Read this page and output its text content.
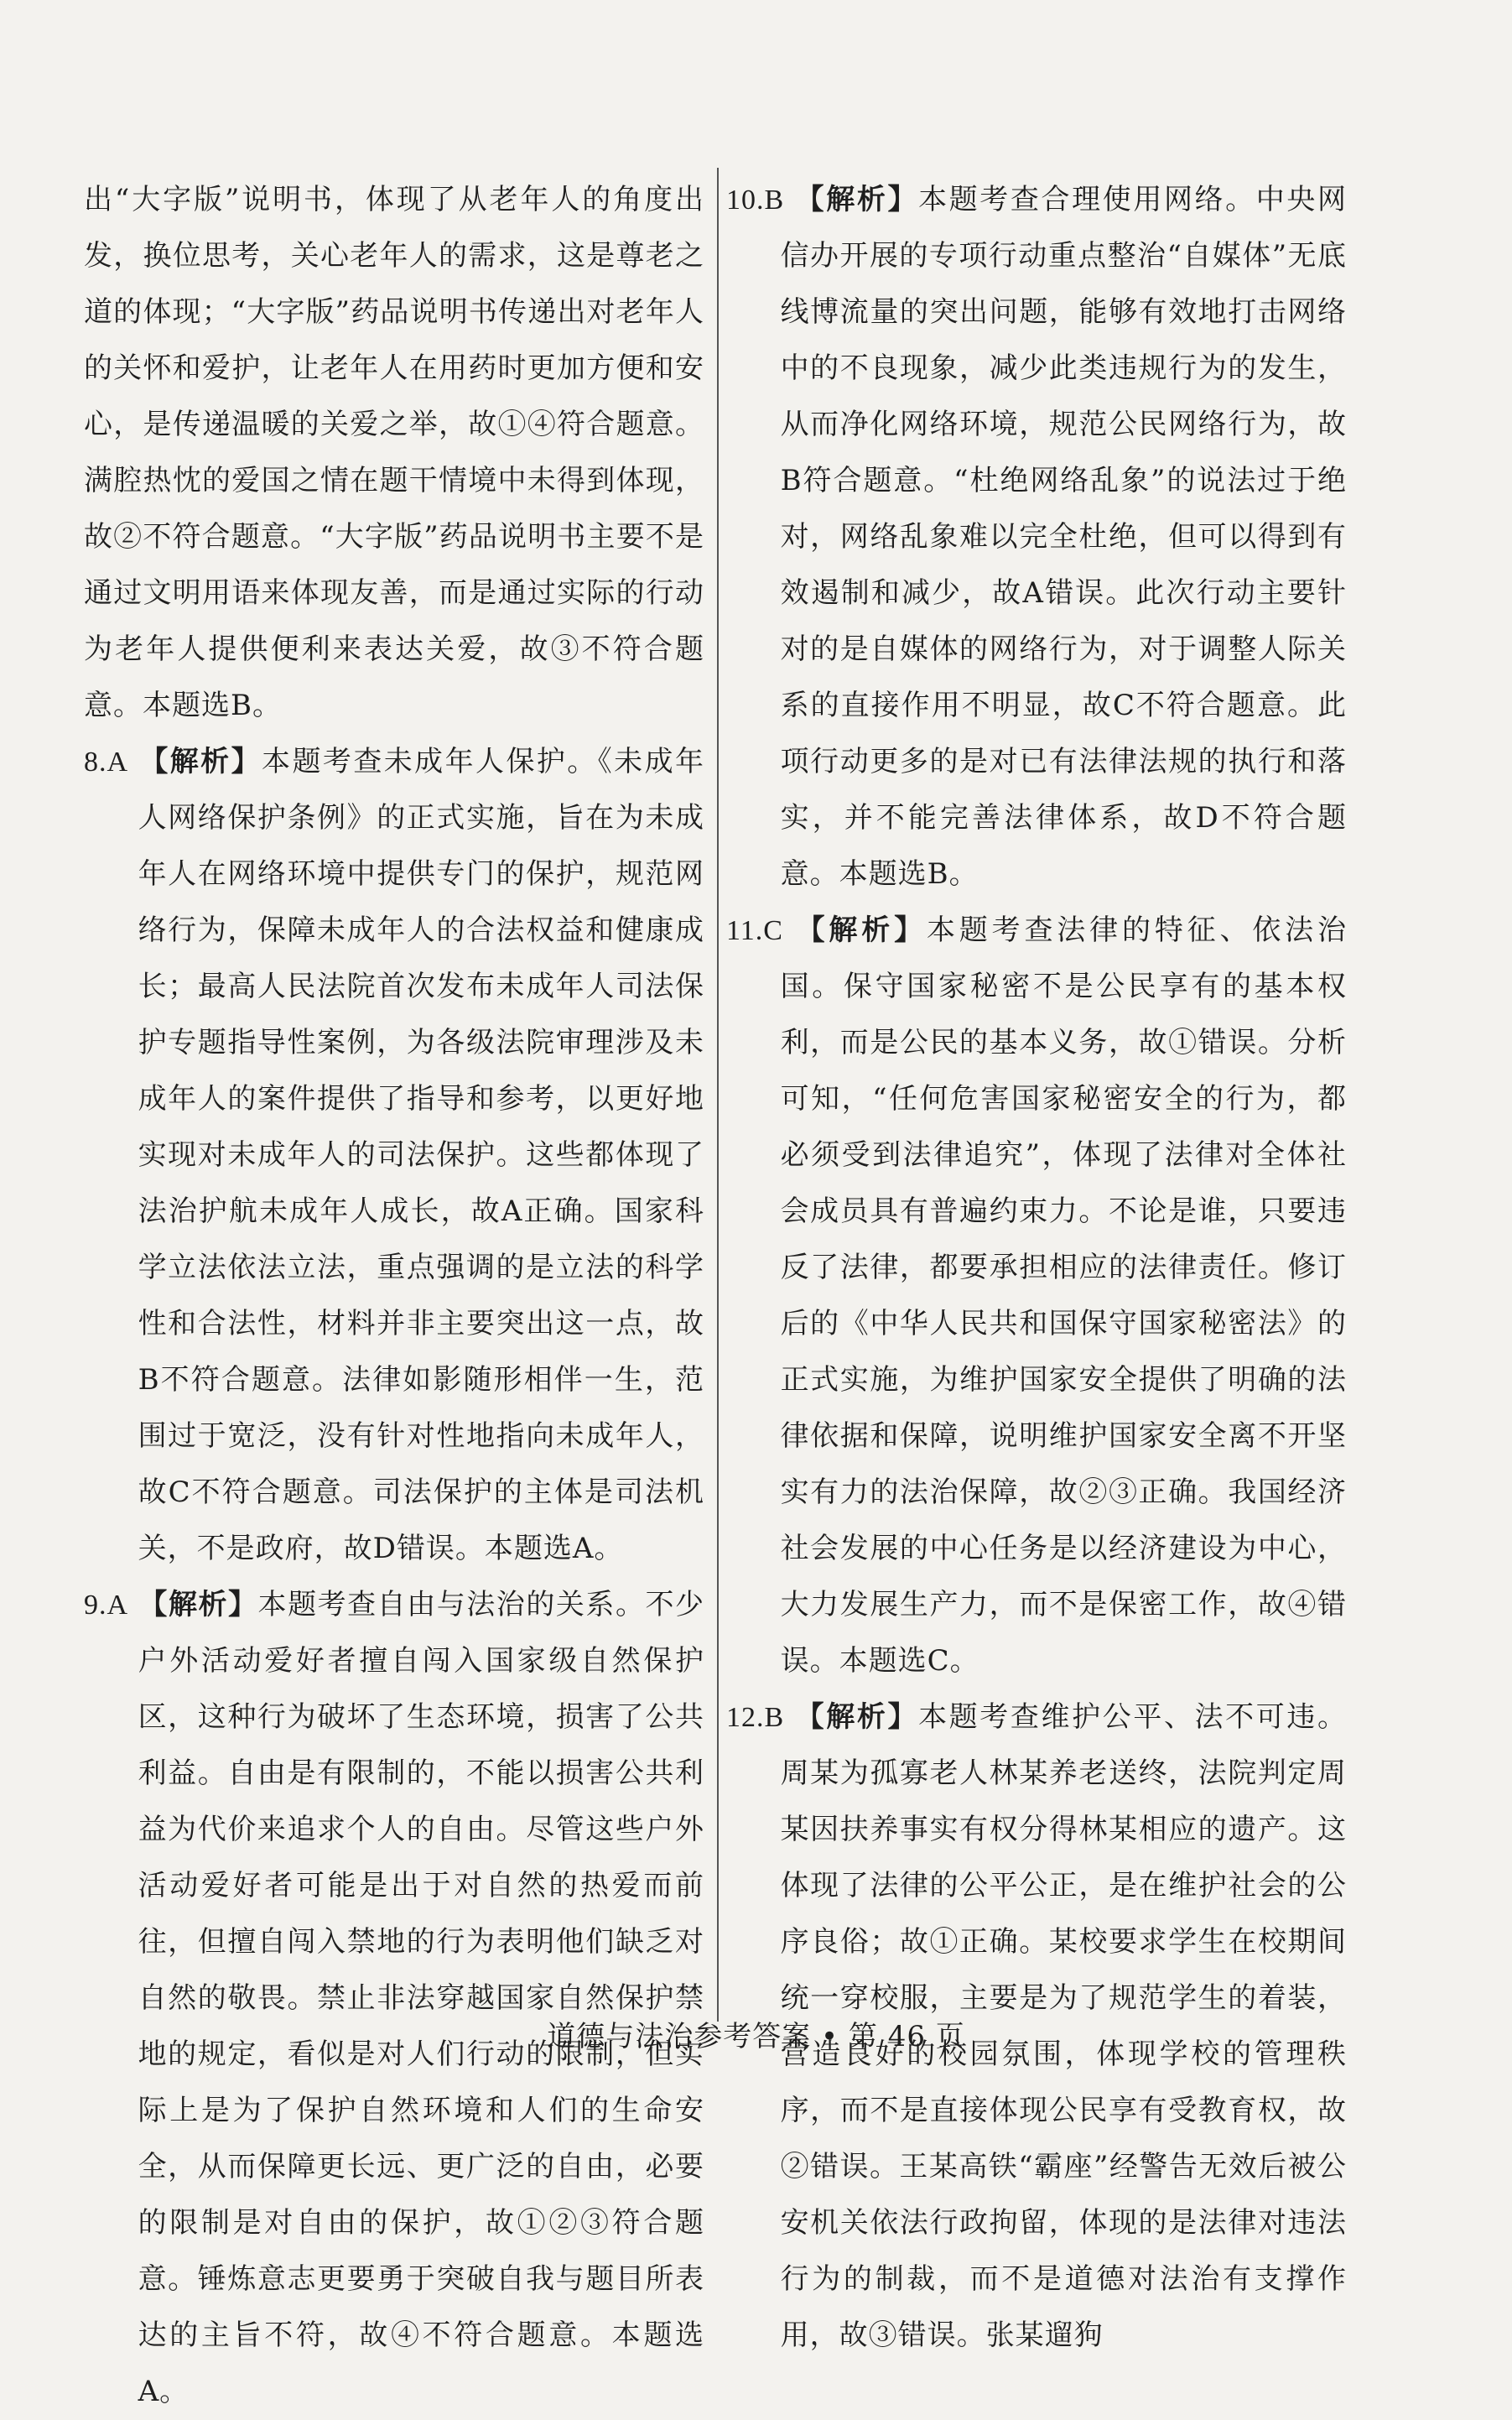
出“大字版”说明书，体现了从老年人的角度出发，换位思考，关心老年人的需求，这是尊老之道的体现；“大字版”药品说明书传递出对老年人的关怀和爱护，让老年人在用药时更加方便和安心，是传递温暖的关爱之举，故①④符合题意。满腔热忱的爱国之情在题干情境中未得到体现，故②不符合题意。“大字版”药品说明书主要不是通过文明用语来体现友善，而是通过实际的行动为老年人提供便利来表达关爱，故③不符合题意。本题选B。

8.A 【解析】本题考查未成年人保护。《未成年人网络保护条例》的正式实施，旨在为未成年人在网络环境中提供专门的保护，规范网络行为，保障未成年人的合法权益和健康成长；最高人民法院首次发布未成年人司法保护专题指导性案例，为各级法院审理涉及未成年人的案件提供了指导和参考，以更好地实现对未成年人的司法保护。这些都体现了法治护航未成年人成长，故A正确。国家科学立法依法立法，重点强调的是立法的科学性和合法性，材料并非主要突出这一点，故B不符合题意。法律如影随形相伴一生，范围过于宽泛，没有针对性地指向未成年人，故C不符合题意。司法保护的主体是司法机关，不是政府，故D错误。本题选A。

9.A 【解析】本题考查自由与法治的关系。不少户外活动爱好者擅自闯入国家级自然保护区，这种行为破坏了生态环境，损害了公共利益。自由是有限制的，不能以损害公共利益为代价来追求个人的自由。尽管这些户外活动爱好者可能是出于对自然的热爱而前往，但擅自闯入禁地的行为表明他们缺乏对自然的敬畏。禁止非法穿越国家自然保护禁地的规定，看似是对人们行动的限制，但实际上是为了保护自然环境和人们的生命安全，从而保障更长远、更广泛的自由，必要的限制是对自由的保护，故①②③符合题意。锤炼意志更要勇于突破自我与题目所表达的主旨不符，故④不符合题意。本题选A。

10.B 【解析】本题考查合理使用网络。中央网信办开展的专项行动重点整治“自媒体”无底线博流量的突出问题，能够有效地打击网络中的不良现象，减少此类违规行为的发生，从而净化网络环境，规范公民网络行为，故B符合题意。“杜绝网络乱象”的说法过于绝对，网络乱象难以完全杜绝，但可以得到有效遏制和减少，故A错误。此次行动主要针对的是自媒体的网络行为，对于调整人际关系的直接作用不明显，故C不符合题意。此项行动更多的是对已有法律法规的执行和落实，并不能完善法律体系，故D不符合题意。本题选B。

11.C 【解析】本题考查法律的特征、依法治国。保守国家秘密不是公民享有的基本权利，而是公民的基本义务，故①错误。分析可知，“任何危害国家秘密安全的行为，都必须受到法律追究”，体现了法律对全体社会成员具有普遍约束力。不论是谁，只要违反了法律，都要承担相应的法律责任。修订后的《中华人民共和国保守国家秘密法》的正式实施，为维护国家安全提供了明确的法律依据和保障，说明维护国家安全离不开坚实有力的法治保障，故②③正确。我国经济社会发展的中心任务是以经济建设为中心，大力发展生产力，而不是保密工作，故④错误。本题选C。

12.B 【解析】本题考查维护公平、法不可违。周某为孤寡老人林某养老送终，法院判定周某因扶养事实有权分得林某相应的遗产。这体现了法律的公平公正，是在维护社会的公序良俗；故①正确。某校要求学生在校期间统一穿校服，主要是为了规范学生的着装，营造良好的校园氛围，体现学校的管理秩序，而不是直接体现公民享有受教育权，故②错误。王某高铁“霸座”经警告无效后被公安机关依法行政拘留，体现的是法律对违法行为的制裁，而不是道德对法治有支撑作用，故③错误。张某遛狗

道德与法治参考答案 • 第 46 页
